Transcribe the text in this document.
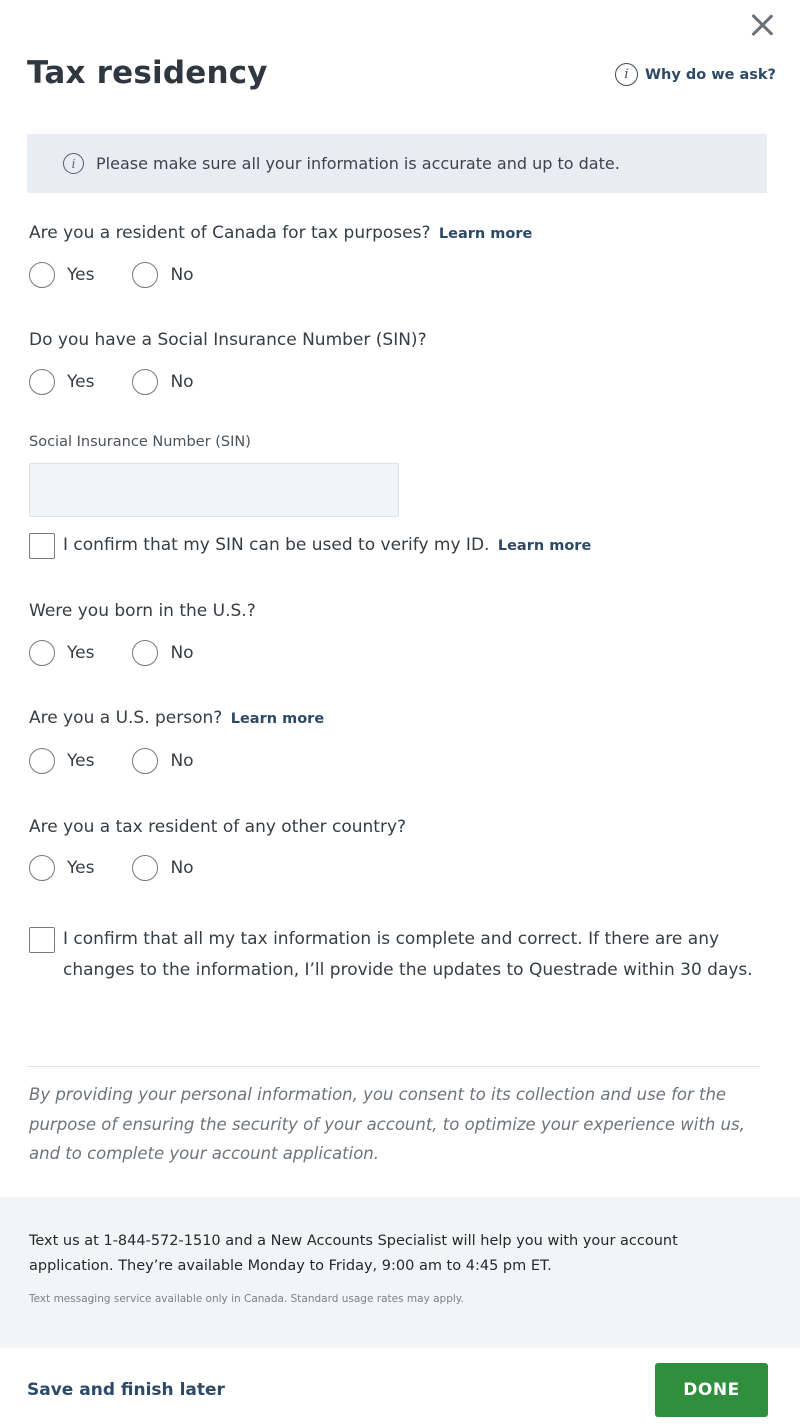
Tax residency	i	Why do we ask?
i	Please make sure all your information is accurate and up to date.
Are you a resident of Canada for tax purposes? Learn more
Yes	No
Do you have a Social Insurance Number (SIN)?
Yes	No
Social Insurance Number (SIN)
I confirm that my SIN can be used to verify my ID. Learn more
Were you born in the U.S.?
Yes	No
Are you a U.S. person? Learn more
Yes	No
Are you a tax resident of any other country?
Yes	No
I confirm that all my tax information is complete and correct. If there are any changes to the information, I’ll provide the updates to Questrade within 30 days.

By providing your personal information, you consent to its collection and use for the purpose of ensuring the security of your account, to optimize your experience with us, and to complete your account application.

Text us at 1-844-572-1510 and a New Accounts Specialist will help you with your account application. They’re available Monday to Friday, 9:00 am to 4:45 pm ET.

Text messaging service available only in Canada. Standard usage rates may apply.

Save and finish later	DONE
